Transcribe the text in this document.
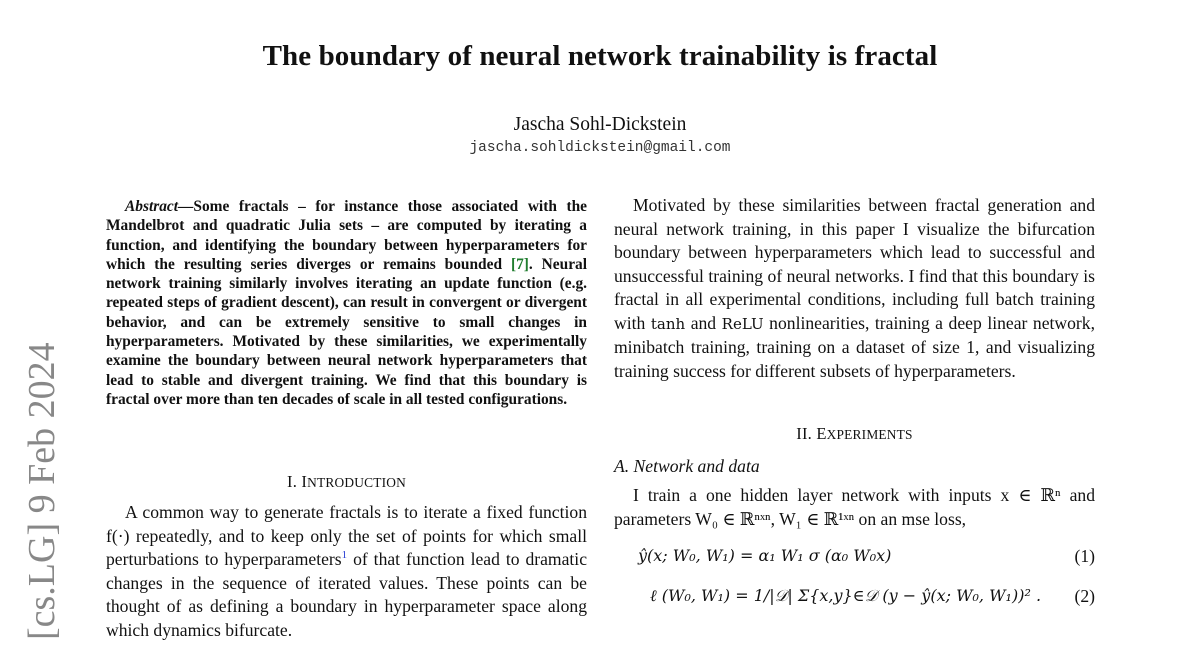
The boundary of neural network trainability is fractal
Jascha Sohl-Dickstein
jascha.sohldickstein@gmail.com
[cs.LG] 9 Feb 2024
Abstract—Some fractals – for instance those associated with the Mandelbrot and quadratic Julia sets – are computed by iterating a function, and identifying the boundary between hyperparameters for which the resulting series diverges or remains bounded [7]. Neural network training similarly involves iterating an update function (e.g. repeated steps of gradient descent), can result in convergent or divergent behavior, and can be extremely sensitive to small changes in hyperparameters. Motivated by these similarities, we experimentally examine the boundary between neural network hyperparameters that lead to stable and divergent training. We find that this boundary is fractal over more than ten decades of scale in all tested configurations.
I. INTRODUCTION
A common way to generate fractals is to iterate a fixed function f(·) repeatedly, and to keep only the set of points for which small perturbations to hyperparameters$^1$ of that function lead to dramatic changes in the sequence of iterated values. These points can be thought of as defining a boundary in hyperparameter space along which dynamics bifurcate.
Motivated by these similarities between fractal generation and neural network training, in this paper I visualize the bifurcation boundary between hyperparameters which lead to successful and unsuccessful training of neural networks. I find that this boundary is fractal in all experimental conditions, including full batch training with tanh and ReLU nonlinearities, training a deep linear network, minibatch training, training on a dataset of size 1, and visualizing training success for different subsets of hyperparameters.
II. EXPERIMENTS
A. Network and data
I train a one hidden layer network with inputs x ∈ ℝⁿ and parameters W₀ ∈ ℝⁿˣⁿ, W₁ ∈ ℝ¹ˣⁿ on an mse loss,
ŷ(x; W₀, W₁) = α₁ W₁ σ (α₀ W₀x)	(1)
ℓ (W₀, W₁) = 1/|𝒟| Σ{x,y}∈𝒟 (y − ŷ(x; W₀, W₁))² . (2)
